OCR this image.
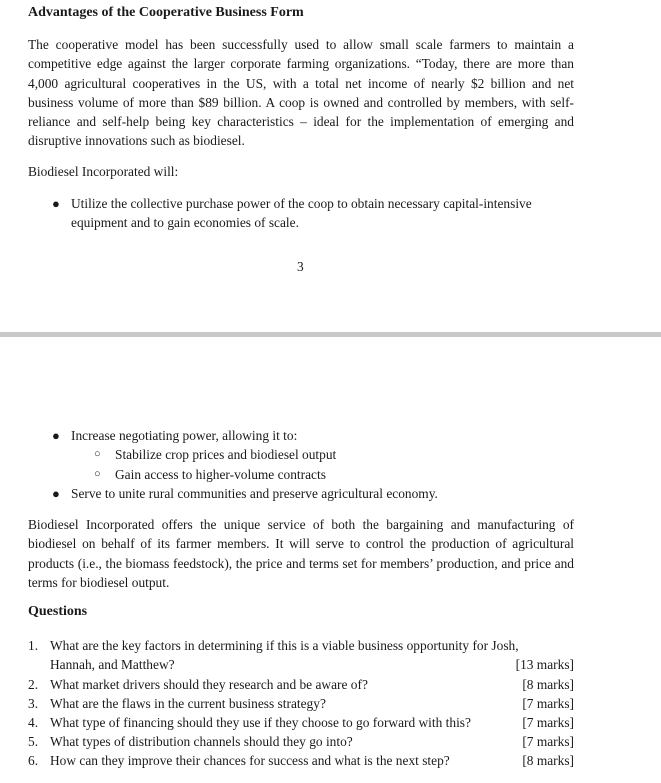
Advantages of the Cooperative Business Form

The cooperative model has been successfully used to allow small scale farmers to maintain a competitive edge against the larger corporate farming organizations. “Today, there are more than 4,000 agricultural cooperatives in the US, with a total net income of nearly $2 billion and net business volume of more than $89 billion. A coop is owned and controlled by members, with self-reliance and self-help being key characteristics – ideal for the implementation of emerging and disruptive innovations such as biodiesel.

Biodiesel Incorporated will:
● Utilize the collective purchase power of the coop to obtain necessary capital-intensive equipment and to gain economies of scale.
3
● Increase negotiating power, allowing it to:
○ Stabilize crop prices and biodiesel output
○ Gain access to higher-volume contracts
● Serve to unite rural communities and preserve agricultural economy.

Biodiesel Incorporated offers the unique service of both the bargaining and manufacturing of biodiesel on behalf of its farmer members. It will serve to control the production of agricultural products (i.e., the biomass feedstock), the price and terms set for members’ production, and price and terms for biodiesel output.

Questions
1. What are the key factors in determining if this is a viable business opportunity for Josh,
Hannah, and Matthew?	[13 marks]
2. What market drivers should they research and be aware of?	[8 marks]
3. What are the flaws in the current business strategy?	[7 marks]
4. What type of financing should they use if they choose to go forward with this?	[7 marks]
5. What types of distribution channels should they go into?	[7 marks]
6. How can they improve their chances for success and what is the next step?	[8 marks]
